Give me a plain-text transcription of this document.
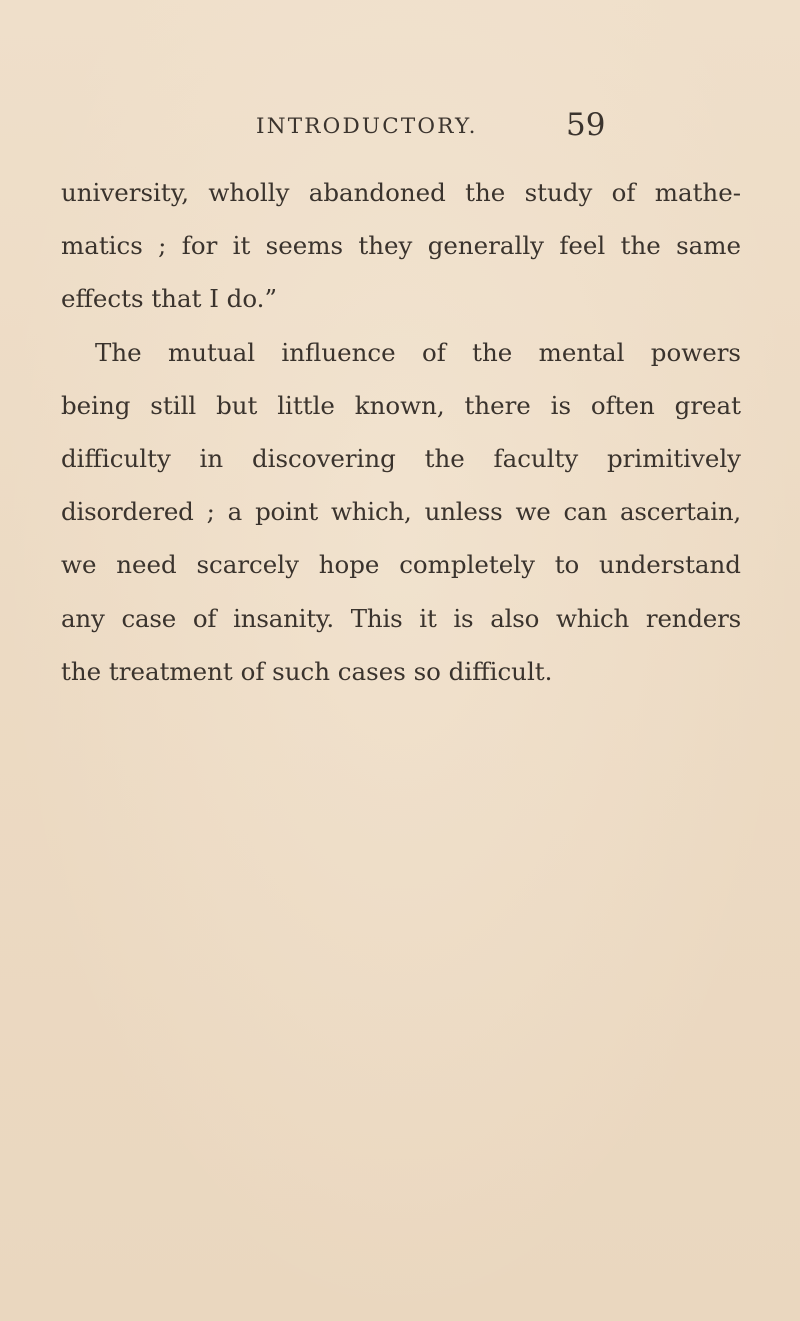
INTRODUCTORY.	59
university, wholly abandoned the study of mathe-
matics ; for it seems they generally feel the same
effects that I do.”
The mutual influence of the mental powers
being still but little known, there is often great
difficulty in discovering the faculty primitively
disordered ; a point which, unless we can ascertain,
we need scarcely hope completely to understand
any case of insanity. This it is also which renders
the treatment of such cases so difficult.
